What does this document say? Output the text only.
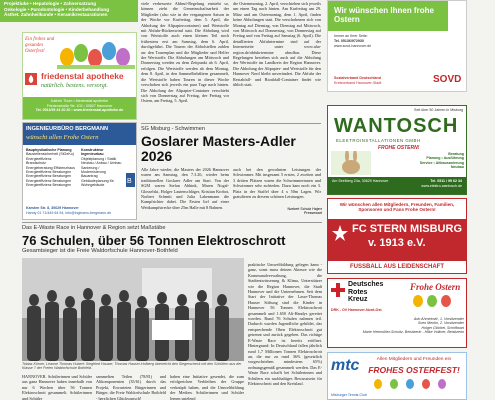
Projektiuke • Hepatologie • Zahnersatzung
Onkologie • Parodontologie • Kinderbehandlung
Ästhet. Zahnheilkunde • Keramikrestaurationen
Ein frohes und gesundes Osterfest!
friedenstal apotheke
natürlich. bestens. versorgt.
Kathrin Thum • friedenstal apotheke
Friedenstraße Str. 102 • 30627 Hannover
Tel. 0511/95 44 20 20 • www.friedenstal-apotheke.de
INGENIEURBÜRO BERGMANN
wünscht allen Frohe Ostern
Bauphysikalische Planung
Baustellensicherheit (SiGeKo)
Energieeffizienz
Brandschutz
Energieberatung Effizienzhaus
Energieeffizienz Beratungen
Energieeffizienz Beratungen
Energieeffizienz Beratungen
Energieeffizienz Beratungen
Konstrukteur Ingenieurbau
Objektplanung / Statik
Neubau / Anbau / Umbau
Sanierung / Modernisierung
Bauantrag
Gebäudeplanung für Wohngebäude
B
Karsten Str. 8, 30629 Hannover
Handy 01 71/449 64 94, info@ingbuero-bergmann.de
viele verbesserte Abbruf-Regelung entsteht so, können zieht die Gemeinschaftsarbeit der Mitglieder (also wie in der vergangenen Saison in der Woche vor Karfreitag, dem 5. April, die Abholung der Altpapiercontainer) und Wertstoffe mit Abfuhr-Rückenwind statt. Die Abholung wird von Wertstoffe auch einen kleinen Teil noch frühestens erst am Samstag, dem 6. April, durchgeführt. Die Touren der Abholstellen zahlen an: den Tourenplan und die Mitglieder und Helfer der Wertstoffe. Die Abholungen am Mittwoch und Donnerstag werden zu dem Zeitpunkt ab 6. April, erfolgen. Die Wertstoffe werden ab dem Montag, dem 8. April, in den Sammelbehältern gesammelt, die Wertstoffe haben Touren in dieser Woche verschoben sich jeweils ein paar Tage nach hinten. Die Abholung der Altpapier-Container verschiebt sich von Donnerstag auf Freitag, der Freitag vor Ostern, am Freitag, 5. April.
die Osternmontag, 2. April, verschieben sich jeweils um einen Tag nach hinten. Am Karfreitag am 29. März und am Ostermontag, dem 1. April, finden keine Abholungen statt. Die verschobenen sich von Montag auf Dienstag, von Dienstag auf Mittwoch, von Mittwoch auf Donnerstag, von Donnerstag auf Freitag und von Freitag auf Samstag (6. April). Die detaillierten Abfuhrtermine sind auf der Internetseite unter www.aha-region.de/abfuhrtermine abrufbar. Diese Regelungen bestehen sich auch auf die Abholung der Wertstoffe im Landkreis der Region Hannover. Die Abholung der Altpapier- und Wertstoffe für den Hannover Nord bleibt unverändert. Die Abfuhr der Restabfall- und Bioabfall-Container findet wie üblich statt.
Wir wünschen Ihnen frohe Ostern
Immer an Ihrer Seite:
Tel. 05136/972930
www.sovd-hannover.de
Sozialverband Deutschland
Kreisverband Hannover-Stadt	SOVD
SG Misburg - Schwimmen
Goslarer Masters-Adler 2026
Alle Jahre wieder, die Masters der 2026 Hannover waren am Samstag, den 7.3.26, wieder beim traditionellen Goslarer Adler am Start. Von der SGM waren Stefan Abbink, Maren Nogal-Glosselski, Holger Lautenschläger, Kristian Krobot, Norbert Schmitt und Julia Lakenmann die Kampfrichter dabei. Die Ersten lief auf einer Wettkampfstrecke über 25m Halle mit 8 Bahnen.
auch bei den gewohnten Leistungen der Schwimmer. Mit insgesamt 5 ersten, 2 zweiten und 3 dritten Plätzen waren die Schwimmerinnen und Schwimmer sehr zufrieden. Dazu kam noch ein 3. Platz in der Staffel über 4 x 50m Lagen. Wir gratulieren zu diesem schönen Leistungen.
Norbert Scholz Hajerr
Pressewart
Seit über 50 Jahren in Misburg
WANTOSCH
ELEKTROINSTALLATIONEN GMBH
FROHE OSTERN!
Beratung
Planung • Ausführung
Service • Altbausanierung
Neubau
Am Seelberg 24a, 30629 Hannover	Tel. 0511 / 95 62 34
www.elektro-wantosch.de
Wir wünschen allen Mitgliedern, Freunden, Familien, Sponsoren und Fans Frohe Ostern!
FC STERN MISBURG
v. 1913 e.V.
FUSSBALL AUS LEIDENSCHAFT
Das E-Waste Race in Hannover & Region setzt Maßstäbe
76 Schulen, über 56 Tonnen Elektroschrott
Gesamtsieger ist die Freie Waldorfschule Hannover-Bothfeld
Tobias Körner, Leanne Thomas Hubert: Siegfried Hauser, Thomas Hauser-Hofberg überreicht den Siegerscheck mit den Schülern aus der Klasse 7 der Freien Waldorfschule Bothfeld.
HANNOVER. Schülerinnen und Schüler aus ganz Hannover haben innerhalb von nur 6 Wochen über 56 Tonnen Elektroschrott gesammelt. Schülerinnen und Schüler
sammelten Teilen (78/81) und Altkomponenten (35/61) durch das Projekt, Erwarteten Bürgerinnen und Bürger, die Freie Waldorfschule Bothfeld - herzlichen Glückwunsch!
haben eine Initiative gesendet, die zum erfolgreichen Verbleiben der Gruppe verknüpft haben, und die Umweltbildung der Medien. Schülerinnen und Schüler lernen spielend
praktische Umweltbildung gelegen kann - ganz, sonst muss deinen Akteure wie die Kommunalverwaltung, die Stadtentwässerung & Klima, Unterstützer wie die Region Hannover, die Stadt Hannover und die Unternehmen. Seit dem Start der Initiative der Lasse-Thomas Hauser Stiftung sind die Kinder in Hannover 56 Tonnen Elektroschrott gesammelt und 1.650 Alt-Handys gerettet worden. Rund 76 Schulen nahmen teil. Dadurch wurden Jugendliche gebildet, das entsprechende Oben Elektroschrott gut getrennt und zurück gegeben. Das richtige E-Waste Race ist bereits eröffnet. Hintergrund: In Deutschland fallen jährlich rund 1,7 Millionen Tonnen Elektroschrott an, die nur zu rund 36% (gesetzlich vorgeschrieben mindestens 65%) ordnungsgemäß gesammelt werden. Das E-Waste Race schafft bei Schülerinnen und Schülern ein nachhaltiges Bewusstsein für Elektroschrott und den Kreislauf.
Deutsches
Rotes
Kreuz
Frohe Ostern
DRK - OV Hannover-Nord-Ost
Ado Ahmetović, 1. Vorsitzender
Sven Merkin, 2. Vorsitzender
Holger Glöckel, Schriftwart
Marie Heinmüller-Schultz, Beisitzerin - Hilke Vollmer, Beisitzerin
mtc	Allen Mitgliedern und Freunden ein
FROHES OSTERFEST!
Misburger Tennis-Club
